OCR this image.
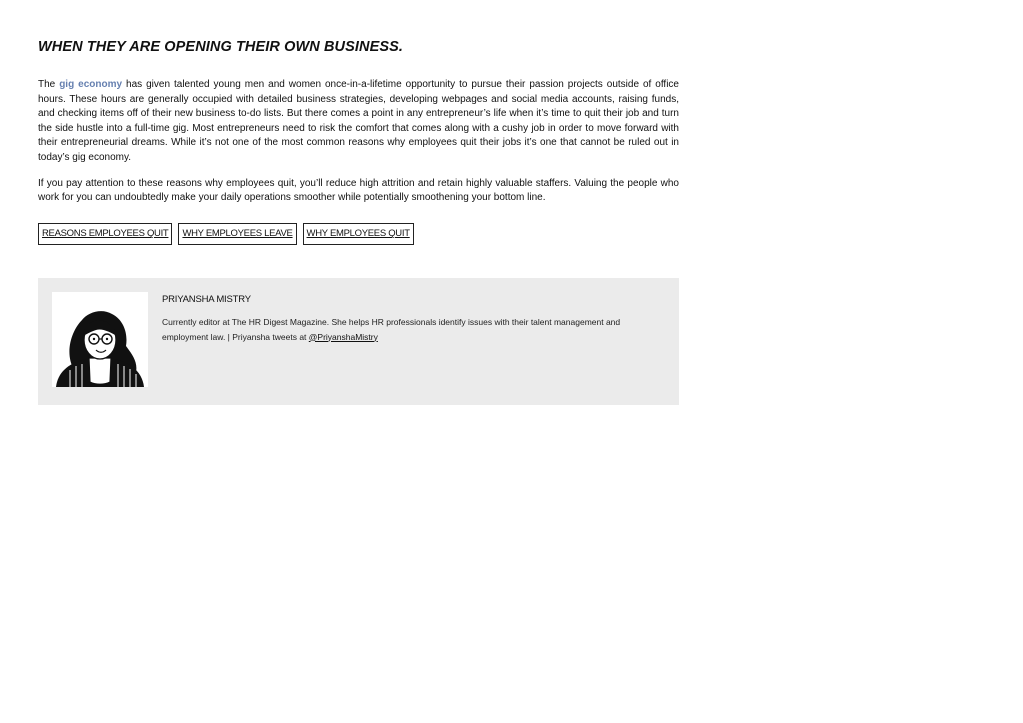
WHEN THEY ARE OPENING THEIR OWN BUSINESS.

The gig economy has given talented young men and women once-in-a-lifetime opportunity to pursue their passion projects outside of office hours. These hours are generally occupied with detailed business strategies, developing webpages and social media accounts, raising funds, and checking items off of their new business to-do lists. But there comes a point in any entrepreneur’s life when it’s time to quit their job and turn the side hustle into a full-time gig. Most entrepreneurs need to risk the comfort that comes along with a cushy job in order to move forward with their entrepreneurial dreams. While it’s not one of the most common reasons why employees quit their jobs it’s one that cannot be ruled out in today’s gig economy.

If you pay attention to these reasons why employees quit, you’ll reduce high attrition and retain highly valuable staffers. Valuing the people who work for you can undoubtedly make your daily operations smoother while potentially smoothening your bottom line.

REASONS EMPLOYEES QUIT	WHY EMPLOYEES LEAVE	WHY EMPLOYEES QUIT
PRIYANSHA MISTRY
Currently editor at The HR Digest Magazine. She helps HR professionals identify issues with their talent management and employment law. | Priyansha tweets at @PriyanshaMistry
